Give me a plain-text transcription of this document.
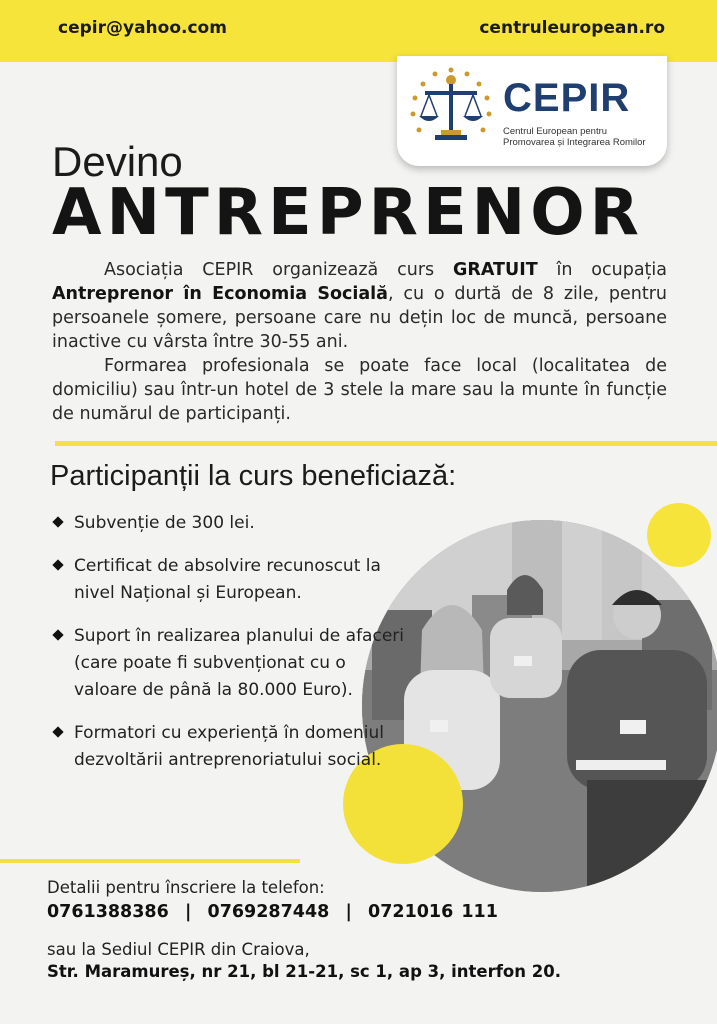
cepir@yahoo.com	centruleuropean.ro
CEPIR
Centrul European pentru
Promovarea și Integrarea Romilor
Devino
ANTREPRENOR

Asociația CEPIR organizează curs GRATUIT în ocupația Antreprenor în Economia Socială, cu o durtă de 8 zile, pentru persoanele șomere, persoane care nu dețin loc de muncă, persoane inactive cu vârsta între 30-55 ani.

Formarea profesionala se poate face local (localitatea de domiciliu) sau într-un hotel de 3 stele la mare sau la munte în funcție de numărul de participanți.

Participanții la curs beneficiază:
Subvenție de 300 lei.
Certificat de absolvire recunoscut la nivel Național și European.
Suport în realizarea planului de afaceri (care poate fi subvenționat cu o valoare de până la 80.000 Euro).
Formatori cu experiență în domeniul dezvoltării antreprenoriatului social.
Detalii pentru înscriere la telefon:
0761388386  |  0769287448  |  0721016 111
sau la Sediul CEPIR din Craiova,
Str. Maramureș, nr 21, bl 21-21, sc 1, ap 3, interfon 20.
